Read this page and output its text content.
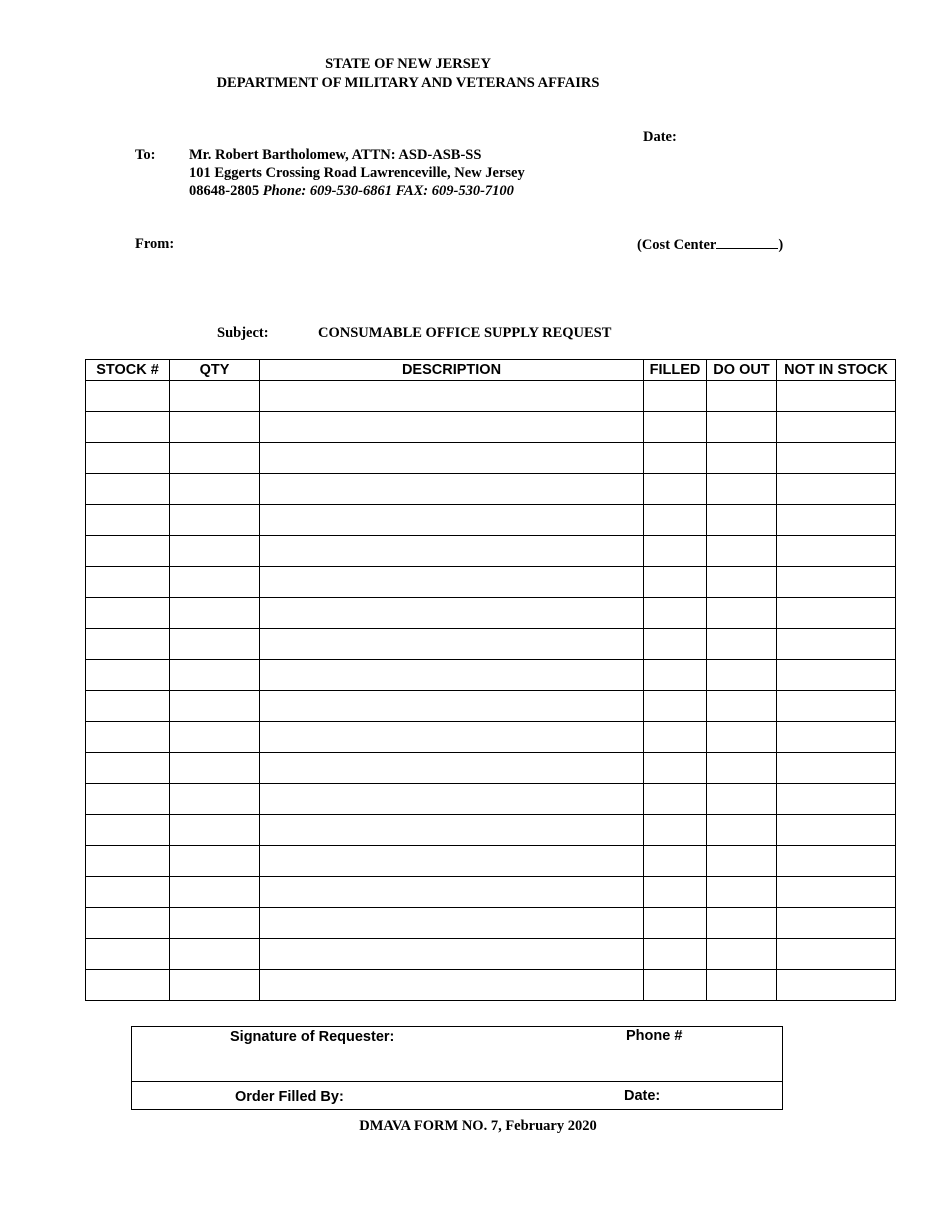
STATE OF NEW JERSEY
DEPARTMENT OF MILITARY AND VETERANS AFFAIRS
Date:
To: Mr. Robert Bartholomew, ATTN: ASD-ASB-SS
101 Eggerts Crossing Road Lawrenceville, New Jersey
08648-2805 Phone: 609-530-6861 FAX: 609-530-7100
From:	(Cost Center	)
Subject:	CONSUMABLE OFFICE SUPPLY REQUEST
STOCK #	QTY	DESCRIPTION	FILLED	DO OUT	NOT IN STOCK

Signature of Requester:	Phone #
Order Filled By:	Date:
DMAVA FORM NO. 7, February 2020
